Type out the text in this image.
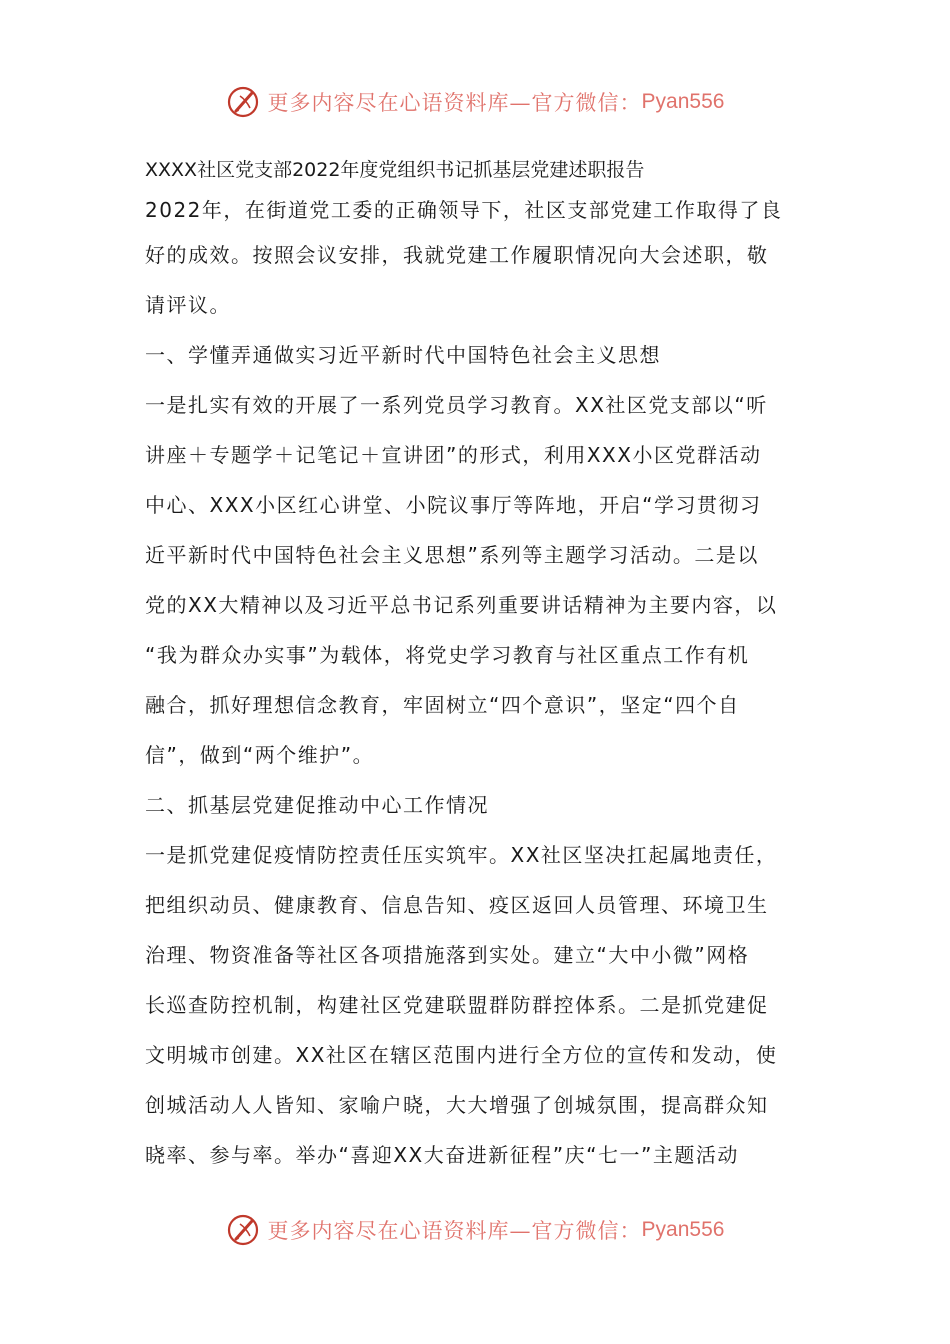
更多内容尽在心语资料库—官方微信： Pyan556
XXXX社区党支部2022年度党组织书记抓基层党建述职报告
2022年，在街道党工委的正确领导下，社区支部党建工作取得了良
好的成效。按照会议安排，我就党建工作履职情况向大会述职，敬
请评议。
一、学懂弄通做实习近平新时代中国特色社会主义思想
一是扎实有效的开展了一系列党员学习教育。XX社区党支部以“听
讲座＋专题学＋记笔记＋宣讲团”的形式，利用XXX小区党群活动
中心、XXX小区红心讲堂、小院议事厅等阵地，开启“学习贯彻习
近平新时代中国特色社会主义思想”系列等主题学习活动。二是以
党的XX大精神以及习近平总书记系列重要讲话精神为主要内容，以
“我为群众办实事”为载体，将党史学习教育与社区重点工作有机
融合，抓好理想信念教育，牢固树立“四个意识”，坚定“四个自
信”，做到“两个维护”。
二、抓基层党建促推动中心工作情况
一是抓党建促疫情防控责任压实筑牢。XX社区坚决扛起属地责任，
把组织动员、健康教育、信息告知、疫区返回人员管理、环境卫生
治理、物资准备等社区各项措施落到实处。建立“大中小微”网格
长巡查防控机制，构建社区党建联盟群防群控体系。二是抓党建促
文明城市创建。XX社区在辖区范围内进行全方位的宣传和发动，使
创城活动人人皆知、家喻户晓，大大增强了创城氛围，提高群众知
晓率、参与率。举办“喜迎XX大奋进新征程”庆“七一”主题活动
更多内容尽在心语资料库—官方微信： Pyan556
